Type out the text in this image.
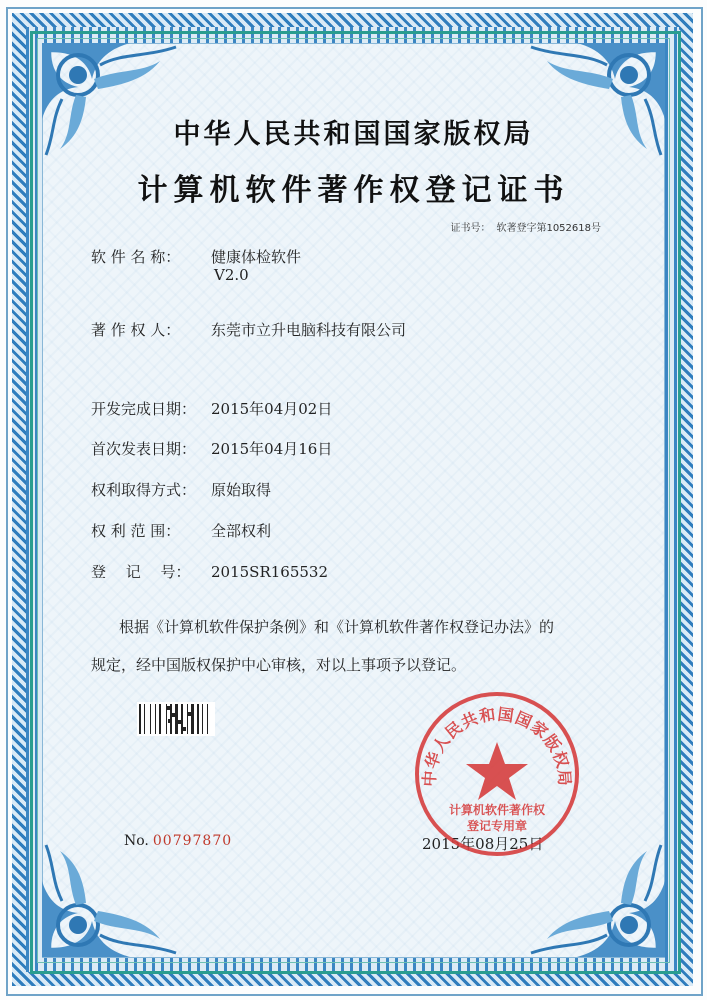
中华人民共和国国家版权局
计算机软件著作权登记证书
证书号： 软著登字第1052618号
软 件 名 称： 健康体检软件
V2.0
著 作 权 人： 东莞市立升电脑科技有限公司
开发完成日期： 2015年04月02日
首次发表日期： 2015年04月16日
权利取得方式： 原始取得
权 利 范 围： 全部权利
登　 记　 号： 2015SR165532
根据《计算机软件保护条例》和《计算机软件著作权登记办法》的
规定，经中国版权保护中心审核，对以上事项予以登记。
No. 00797870	2015年08月25日
中华人民共和国国家版权局
计算机软件著作权
登记专用章
